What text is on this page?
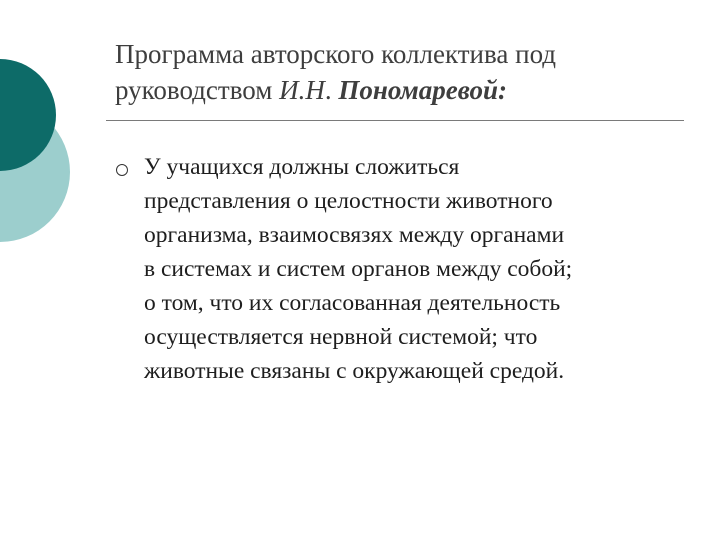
Программа авторского коллектива под
руководством И.Н. Пономаревой:
У учащихся должны сложиться
представления о целостности животного
организма, взаимосвязях между органами
в системах и систем органов между собой;
о том, что их согласованная деятельность
осуществляется нервной системой; что
животные связаны с окружающей средой.
